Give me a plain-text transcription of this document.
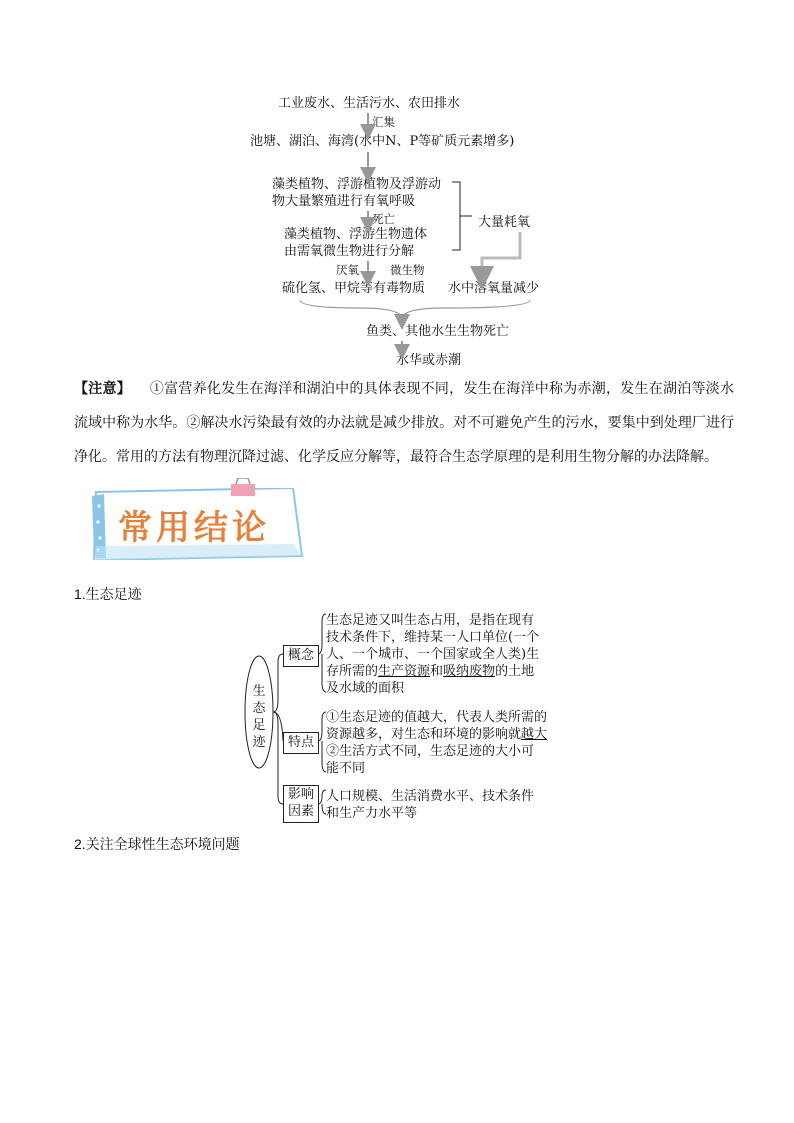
工业废水、生活污水、农田排水
汇集
池塘、湖泊、海湾(水中N、P等矿质元素增多)
藻类植物、浮游植物及浮游动
物大量繁殖进行有氧呼吸
死亡
藻类植物、浮游生物遗体
由需氧微生物进行分解
大量耗氧
厌氧	微生物
硫化氢、甲烷等有毒物质 水中溶氧量减少
鱼类、其他水生生物死亡
水华或赤潮
【注意】 ①富营养化发生在海洋和湖泊中的具体表现不同，发生在海洋中称为赤潮，发生在湖泊等淡水流域中称为水华。②解决水污染最有效的办法就是减少排放。对不可避免产生的污水，要集中到处理厂进行净化。常用的方法有物理沉降过滤、化学反应分解等，最符合生态学原理的是利用生物分解的办法降解。
常用结论
1.生态足迹
生
态
足
迹
概念
特点
影响
因素
生态足迹又叫生态占用，是指在现有
技术条件下，维持某一人口单位(一个
人、一个城市、一个国家或全人类)生
存所需的生产资源和吸纳废物的土地
及水域的面积
①生态足迹的值越大，代表人类所需的
资源越多，对生态和环境的影响就越大
②生活方式不同，生态足迹的大小可
能不同
人口规模、生活消费水平、技术条件
和生产力水平等
2.关注全球性生态环境问题
